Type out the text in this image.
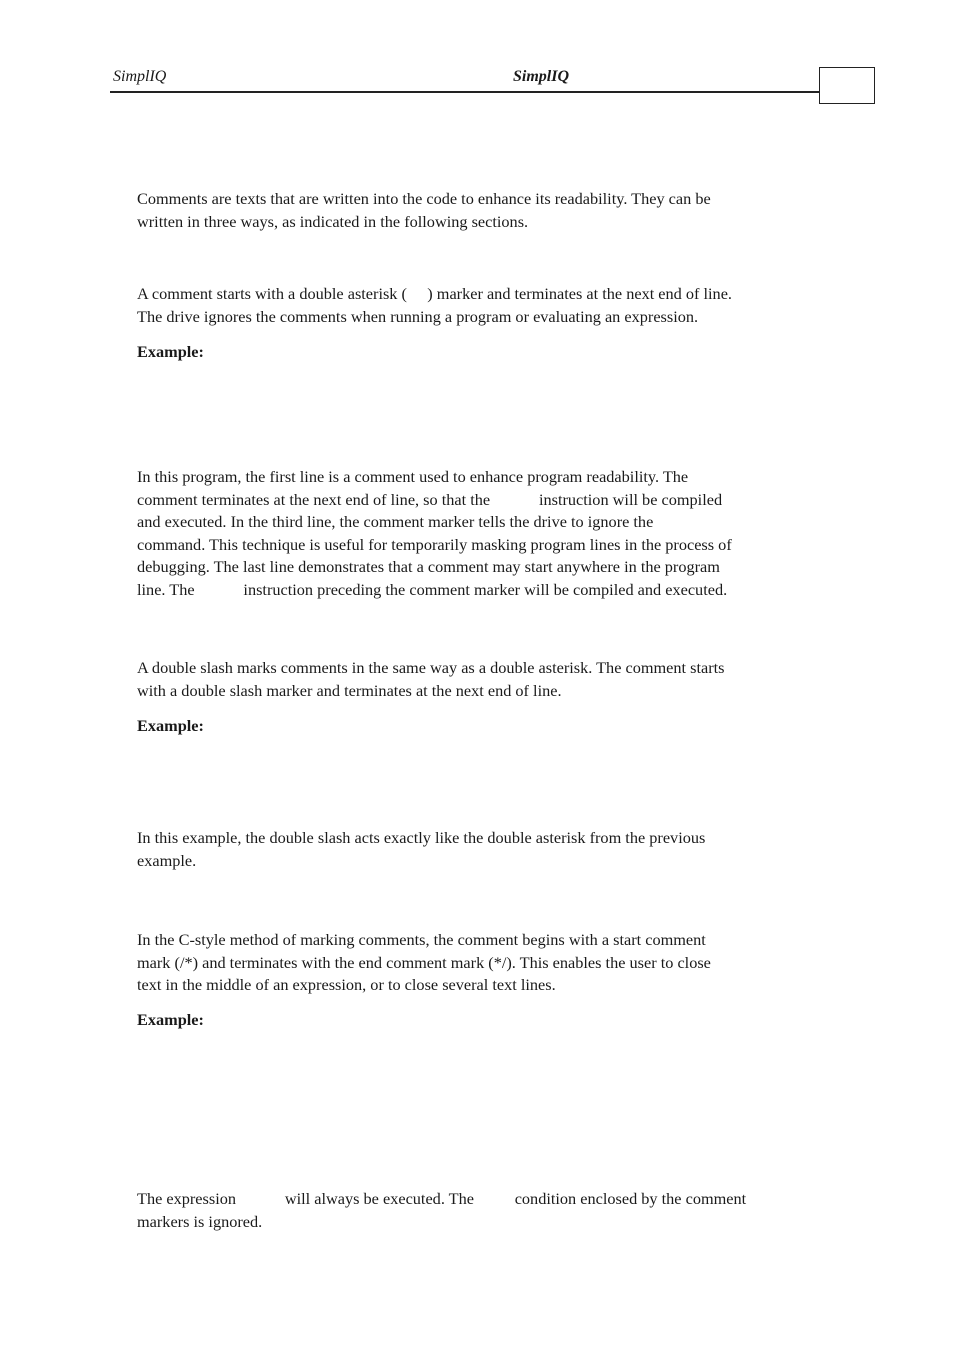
SimplIQ	SimplIQ

Comments are texts that are written into the code to enhance its readability. They can be
written in three ways, as indicated in the following sections.

A comment starts with a double asterisk (     ) marker and terminates at the next end of line.
The drive ignores the comments when running a program or evaluating an expression.

Example:

In this program, the first line is a comment used to enhance program readability. The
comment terminates at the next end of line, so that the            instruction will be compiled
and executed. In the third line, the comment marker tells the drive to ignore the
command. This technique is useful for temporarily masking program lines in the process of
debugging. The last line demonstrates that a comment may start anywhere in the program
line. The            instruction preceding the comment marker will be compiled and executed.

A double slash marks comments in the same way as a double asterisk. The comment starts
with a double slash marker and terminates at the next end of line.

Example:

In this example, the double slash acts exactly like the double asterisk from the previous
example.

In the C-style method of marking comments, the comment begins with a start comment
mark (/*) and terminates with the end comment mark (*/). This enables the user to close
text in the middle of an expression, or to close several text lines.

Example:

The expression            will always be executed. The          condition enclosed by the comment
markers is ignored.
